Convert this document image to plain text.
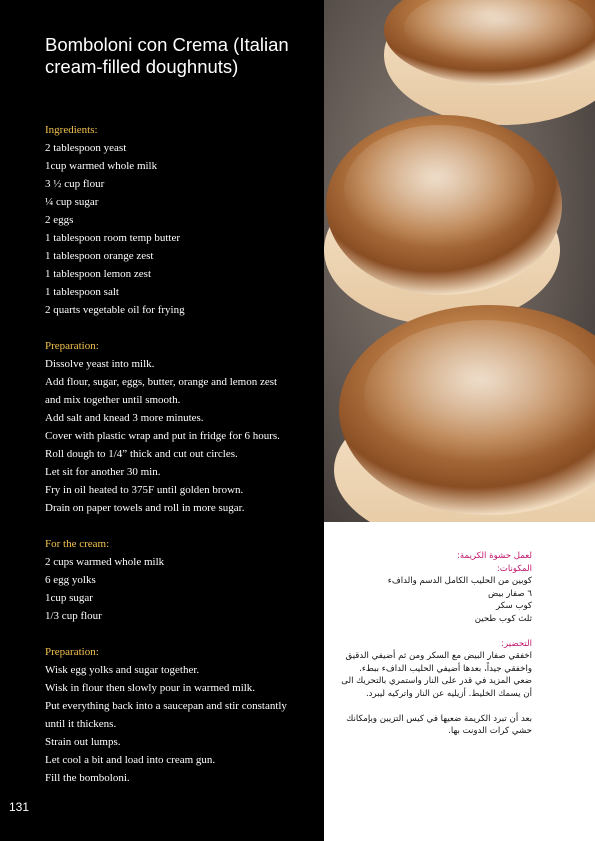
Bomboloni con Crema (Italian cream-filled doughnuts)
Ingredients:
2 tablespoon yeast
1cup warmed whole milk
3 ½ cup flour
¼ cup sugar
2 eggs
1 tablespoon room temp butter
1 tablespoon orange zest
1 tablespoon lemon zest
1 tablespoon salt
2 quarts vegetable oil for frying
Preparation:
Dissolve yeast into milk.
Add flour, sugar, eggs, butter, orange and lemon zest
and mix together until smooth.
Add salt and knead 3 more minutes.
Cover with plastic wrap and put in fridge for 6 hours.
Roll dough to 1/4” thick and cut out circles.
Let sit for another 30 min.
Fry in oil heated to 375F until golden brown.
Drain on paper towels and roll in more sugar.
For the cream:
2 cups warmed whole milk
6 egg yolks
1cup sugar
1/3 cup flour
Preparation:
Wisk egg yolks and sugar together.
Wisk in flour then slowly pour in warmed milk.
Put everything back into a saucepan and stir constantly
until it thickens.
Strain out lumps.
Let cool a bit and load into cream gun.
Fill the bomboloni.
131
لعمل حشوة الكريمة:
المكونات:
كوبين من الحليب الكامل الدسم والدافء
٦ صفار بيض
كوب سكر
ثلث كوب طحين
التحضير:
اخفقي صفار البيض مع السكر ومن ثم أضيفي الدقيق
واخفقي جيداً، بعدها أضيفي الحليب الدافء ببطء.
ضعي المزيد في قدر على النار واستمري بالتحريك الى
أن يسمك الخليط. أزيليه عن النار واتركيه ليبرد.
بعد أن تبرد الكريمة ضعيها في كيس التزيين وبإمكانك
حشي كرات الدونت بها.
